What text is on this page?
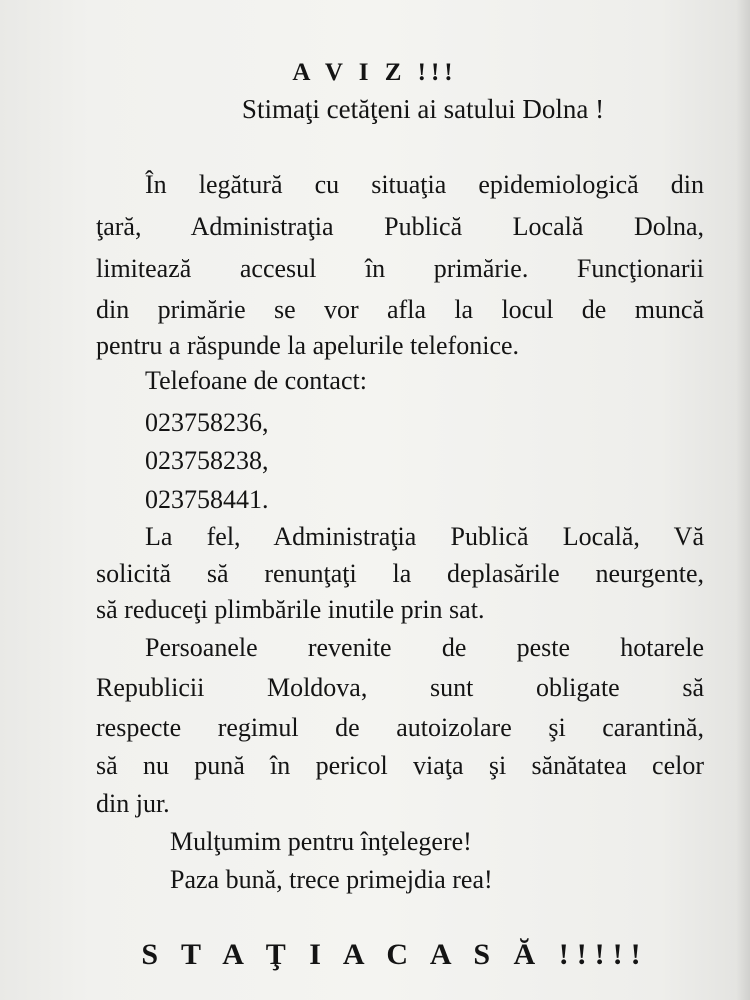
A V I Z !!!
Stimaţi cetăţeni ai satului Dolna !
În legătură cu situaţia epidemiologică din
ţară, Administraţia Publică Locală Dolna,
limitează accesul în primărie. Funcţionarii
din primărie se vor afla la locul de muncă
pentru a răspunde la apelurile telefonice.
Telefoane de contact:
023758236,
023758238,
023758441.
La fel, Administraţia Publică Locală, Vă
solicită să renunţaţi la deplasările neurgente,
să reduceţi plimbările inutile prin sat.
Persoanele revenite de peste hotarele
Republicii Moldova, sunt obligate să
respecte regimul de autoizolare şi carantină,
să nu pună în pericol viaţa şi sănătatea celor
din jur.
Mulţumim pentru înţelegere!
Paza bună, trece primejdia rea!
S T A Ţ I A C A S Ă !!!!!
